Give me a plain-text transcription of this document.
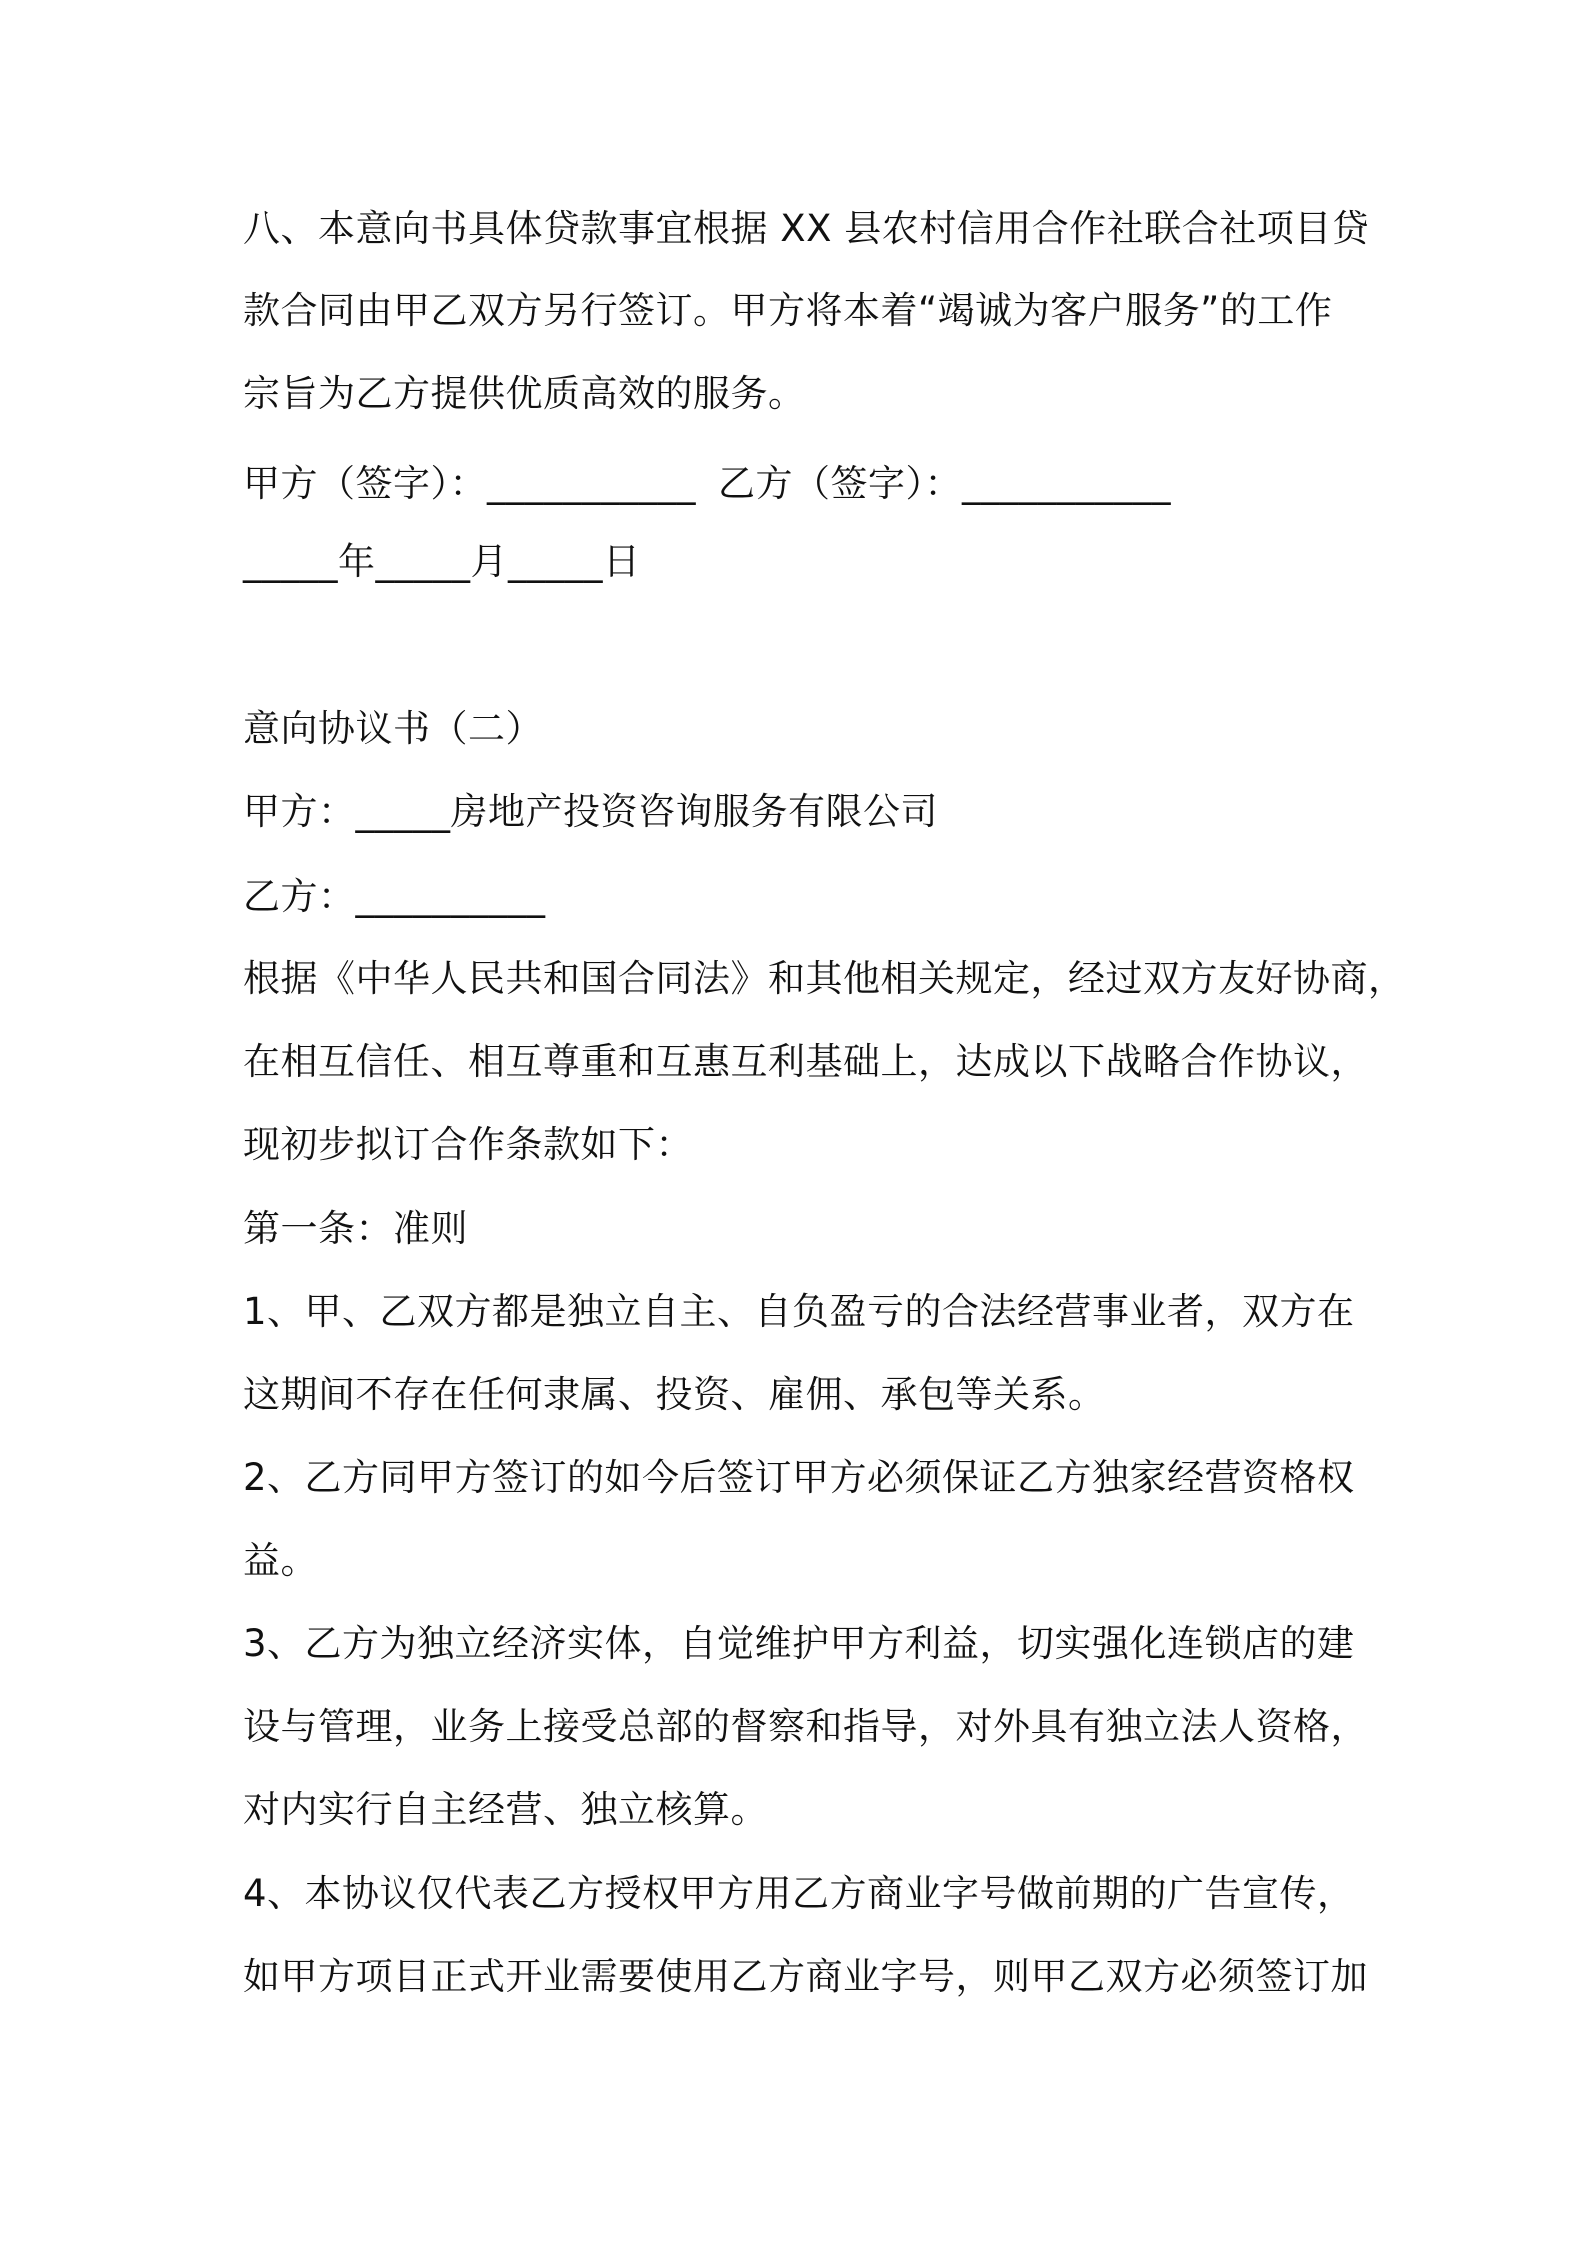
八、本意向书具体贷款事宜根据 XX 县农村信用合作社联合社项目贷
款合同由甲乙双方另行签订。甲方将本着“竭诚为客户服务”的工作
宗旨为乙方提供优质高效的服务。
甲方（签字）：___________ 乙方（签字）：___________
_____年_____月_____日
意向协议书（二）
甲方：_____房地产投资咨询服务有限公司
乙方：__________
根据《中华人民共和国合同法》和其他相关规定，经过双方友好协商，
在相互信任、相互尊重和互惠互利基础上，达成以下战略合作协议，
现初步拟订合作条款如下：
第一条：准则
1、甲、乙双方都是独立自主、自负盈亏的合法经营事业者，双方在
这期间不存在任何隶属、投资、雇佣、承包等关系。
2、乙方同甲方签订的如今后签订甲方必须保证乙方独家经营资格权
益。
3、乙方为独立经济实体，自觉维护甲方利益，切实强化连锁店的建
设与管理，业务上接受总部的督察和指导，对外具有独立法人资格，
对内实行自主经营、独立核算。
4、本协议仅代表乙方授权甲方用乙方商业字号做前期的广告宣传，
如甲方项目正式开业需要使用乙方商业字号，则甲乙双方必须签订加
